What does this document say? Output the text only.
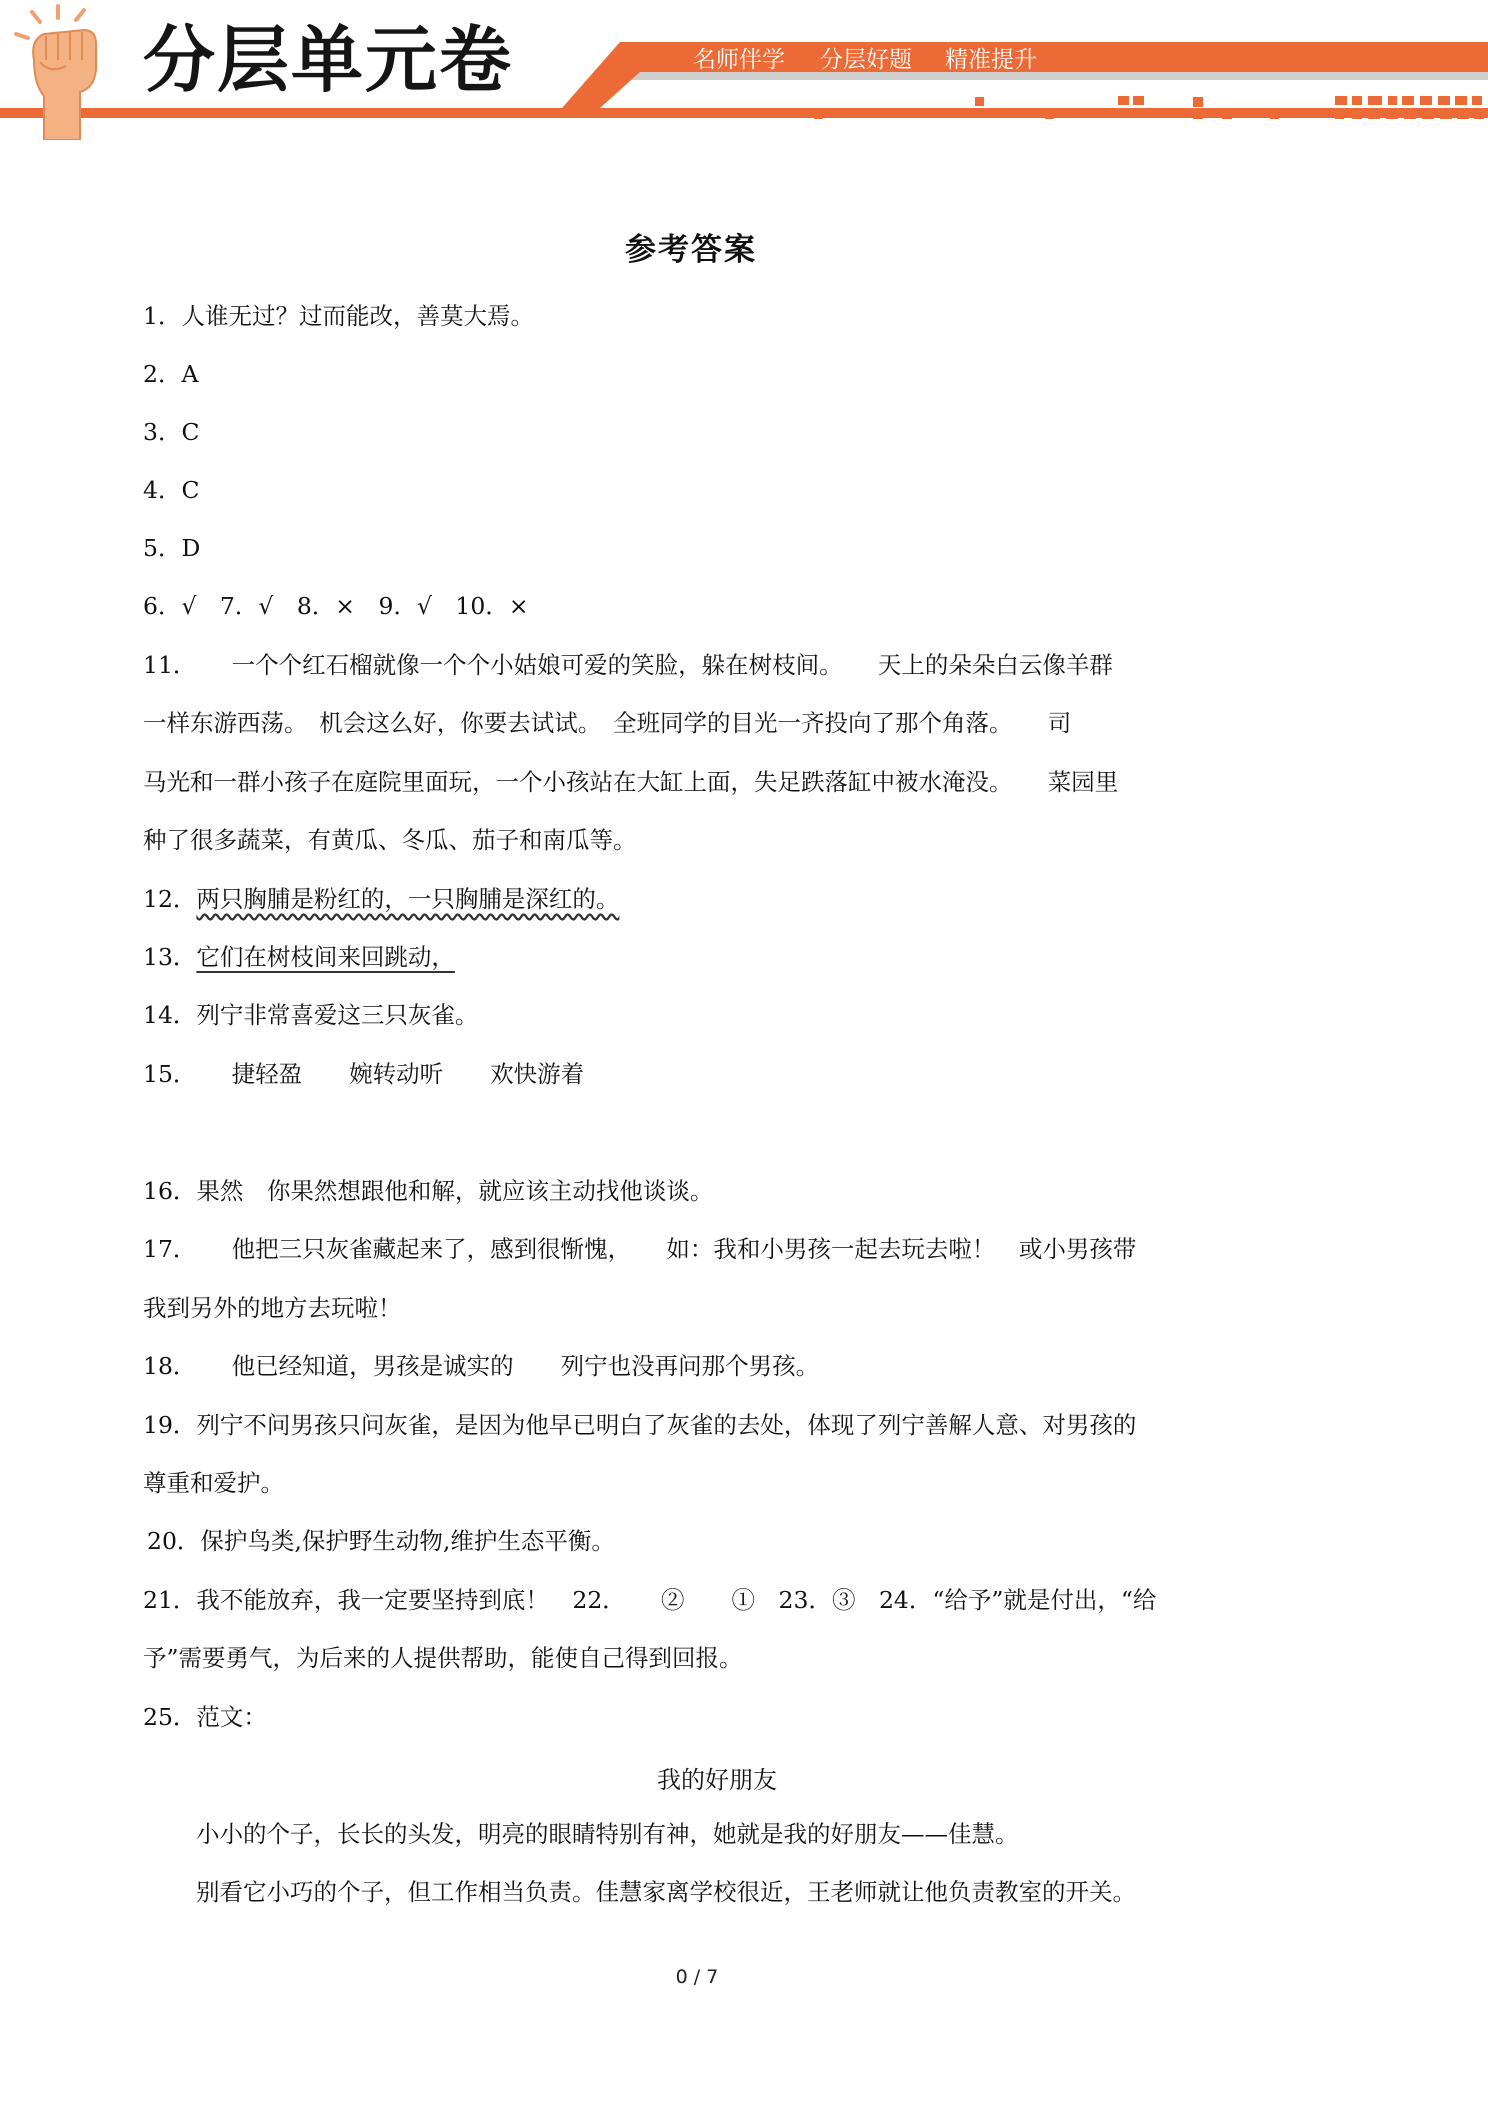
分层单元卷	名师伴学 分层好题 精准提升
参考答案
1．人谁无过？过而能改，善莫大焉。
2．A
3．C
4．C
5．D
6．√　7．√　8．×　9．√　10．×
11．　　一个个红石榴就像一个个小姑娘可爱的笑脸，躲在树枝间。　　天上的朵朵白云像羊群
一样东游西荡。　机会这么好，你要去试试。　全班同学的目光一齐投向了那个角落。　　司
马光和一群小孩子在庭院里面玩，一个小孩站在大缸上面，失足跌落缸中被水淹没。　　菜园里
种了很多蔬菜，有黄瓜、冬瓜、茄子和南瓜等。
12．两只胸脯是粉红的，一只胸脯是深红的。
13．它们在树枝间来回跳动，
14．列宁非常喜爱这三只灰雀。
15．　　捷轻盈　　婉转动听　　欢快游着
16．果然　你果然想跟他和解，就应该主动找他谈谈。
17．　　他把三只灰雀藏起来了，感到很惭愧，　　如：我和小男孩一起去玩去啦！　或小男孩带
我到另外的地方去玩啦！
18．　　他已经知道，男孩是诚实的　　列宁也没再问那个男孩。
19．列宁不问男孩只问灰雀，是因为他早已明白了灰雀的去处，体现了列宁善解人意、对男孩的
尊重和爱护。
20．保护鸟类,保护野生动物,维护生态平衡。
21．我不能放弃，我一定要坚持到底！　22．　　②　　①　23．③　24．“给予”就是付出，“给
予”需要勇气，为后来的人提供帮助，能使自己得到回报。
25．范文：
我的好朋友
小小的个子，长长的头发，明亮的眼睛特别有神，她就是我的好朋友——佳慧。
别看它小巧的个子，但工作相当负责。佳慧家离学校很近，王老师就让他负责教室的开关。
0 / 7
